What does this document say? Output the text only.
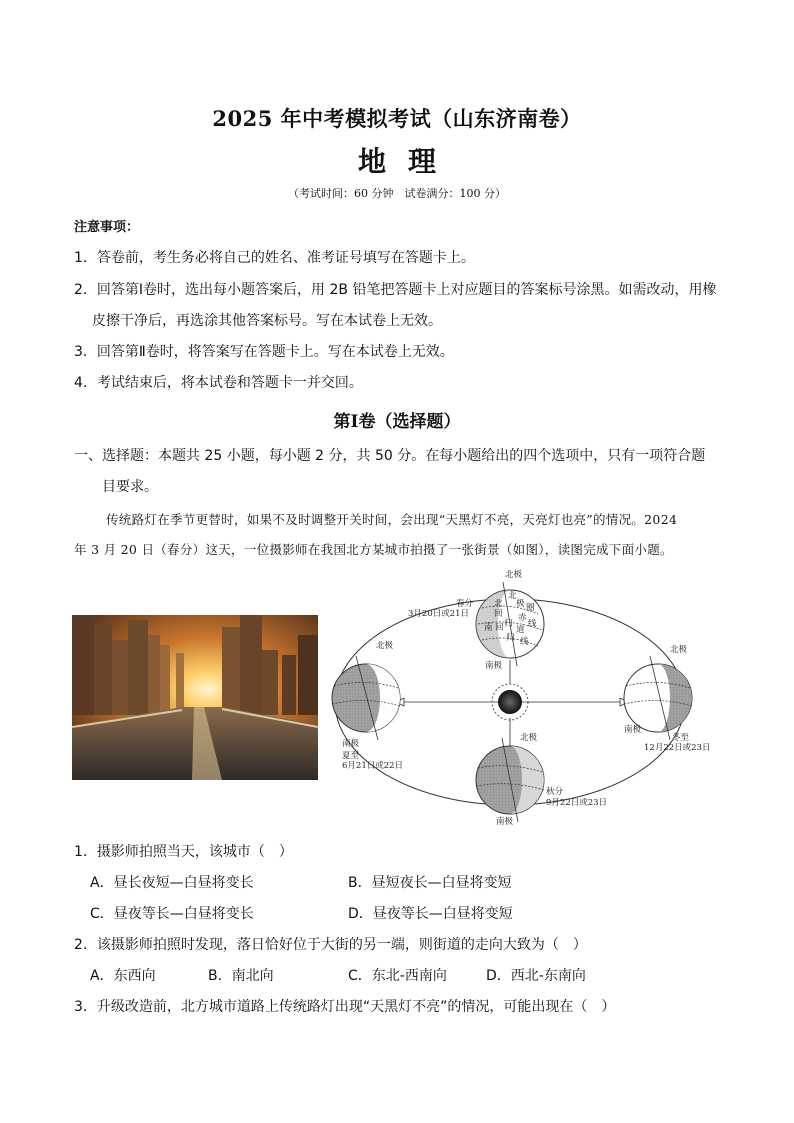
2025 年中考模拟考试（山东济南卷）
地理
（考试时间：60 分钟　试卷满分：100 分）
注意事项：
1．答卷前，考生务必将自己的姓名、准考证号填写在答题卡上。
2．回答第Ⅰ卷时，选出每小题答案后，用 2B 铅笔把答题卡上对应题目的答案标号涂黑。如需改动，用橡
皮擦干净后，再选涂其他答案标号。写在本试卷上无效。
3．回答第Ⅱ卷时，将答案写在答题卡上。写在本试卷上无效。
4．考试结束后，将本试卷和答题卡一并交回。
第Ⅰ卷（选择题）
一、选择题：本题共 25 小题，每小题 2 分，共 50 分。在每小题给出的四个选项中，只有一项符合题
目要求。
传统路灯在季节更替时，如果不及时调整开关时间，会出现“天黑灯不亮，天亮灯也亮”的情况。2024
年 3 月 20 日（春分）这天，一位摄影师在我国北方某城市拍摄了一张街景（如图），读图完成下面小题。
北极
南极
春分
3月20日或21日
北
回
北
极 圈
归
赤
道
线
南 回
归 线
北极
南极
夏至
6月21日或22日
北极
南极
冬至
12月22日或23日
北极
南极
秋分
9月22日或23日
1．摄影师拍照当天，该城市（　）
A．昼长夜短—白昼将变长	B．昼短夜长—白昼将变短
C．昼夜等长—白昼将变长	D．昼夜等长—白昼将变短
2．该摄影师拍照时发现，落日恰好位于大街的另一端，则街道的走向大致为（　）
A．东西向	B．南北向	C．东北-西南向	D．西北-东南向
3．升级改造前，北方城市道路上传统路灯出现“天黑灯不亮”的情况，可能出现在（　）
